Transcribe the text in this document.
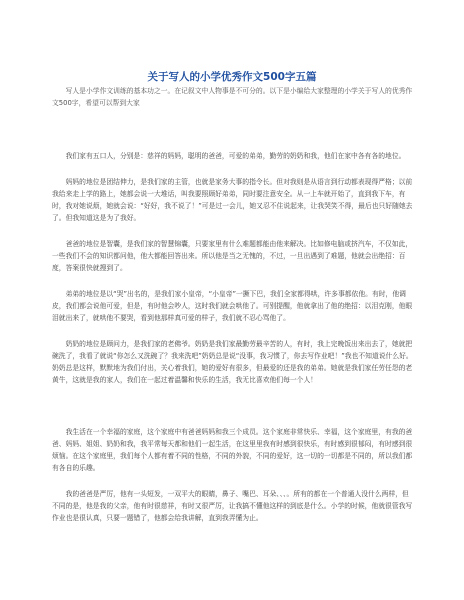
关于写人的小学优秀作文500字五篇

写人是小学作文训练的基本功之一。在记叙文中人物事是不可分的。以下是小编给大家整理的小学关于写人的优秀作文500字，希望可以帮到大家

我们家有五口人，分别是：慈祥的妈妈，聪明的爸爸，可爱的弟弟，勤劳的奶奶和我，他们在家中各有各的地位。

妈妈的地位是团结伸力，是我们家的主管，也就是家务大事的指令长。但对我则是从语言到行动都表现得严格；以前我给来走上学的路上，她都会说一大堆话，叫我要照顾好弟弟，同时要注意安全。从一上车就开始了，直到我下车，有时，我对她说烦，她就会说：“好好，我不说了！”可是过一会儿，她又忍不住说起来，让我哭笑不得，最后也只好随她去了。但我知道这是为了我好。

爸爸的地位是智囊，是我们家的智慧锦囊，只要家里有什么难题都能由他来解决。比如修电脑或挤汽车，不仅如此，一些我们不会的知识都问他，他大都能回答出来。所以他是当之无愧的，不过，一旦出遇到了难题，他就会出绝招：百度，答案很快就搜到了。

弟弟的地位是以“哭”出名的，是我们家小皇帝，“小皇帝”一撅下巴，我们全家都得哄，许多事都依他。有时，他调皮，我们都会说他可爱，但是，有时他会吵人，这时我们就会哄他了。可别提醒，他就拿出了他的绝招：以泪克刚，他眼泪就出来了，就哄他不要哭，看到他那样真可爱的样子，我们就不忍心骂他了。

奶奶的地位是顾问力，是我们家的老佛爷。奶奶是我们家最勤劳最辛苦的人，有时，我上完晚饭出来出去了，她就把碗洗了，我看了就说“你怎么又洗碗了？我来洗吧”奶奶总是说“没事，我习惯了，你去写作业吧！”我也不知道说什么好。奶奶总是这样，默默地为我们付出，关心着我们，她的爱好有很多，但最爱的还是我的弟弟。她就是我们家任劳任怨的老黄牛，这就是我的家人，我们在一起过着温馨和快乐的生活，我无比喜欢他们每一个人！

我生活在一个幸福的家庭，这个家庭中有爸爸妈妈和我三个成员。这个家庭非常快乐、幸福，这个家庭里，有我的爸爸、妈妈、姐姐、奶奶和我，我平常每天都和他们一起生活，在这里里我有时感到很快乐，有时感到很郁闷，有时感到很烦恼。在这个家庭里，我们每个人都有着不同的性格，不同的外貌，不同的爱好，这一切的一切都是不同的，所以我们都有各自的乐趣。

我的爸爸是严厉，他有一头短发，一双平大的眼睛，鼻子、嘴巴、耳朵、、、。所有的都在一个普通人没什么两样，但不同的是，他是我的父亲，他有时很慈祥，有时又很严厉，让我搞不懂他这样的到底是什么。小学的时候，他就很管我写作业也是很认真，只要一题错了，他都会给我讲解，直到我弄懂为止。
